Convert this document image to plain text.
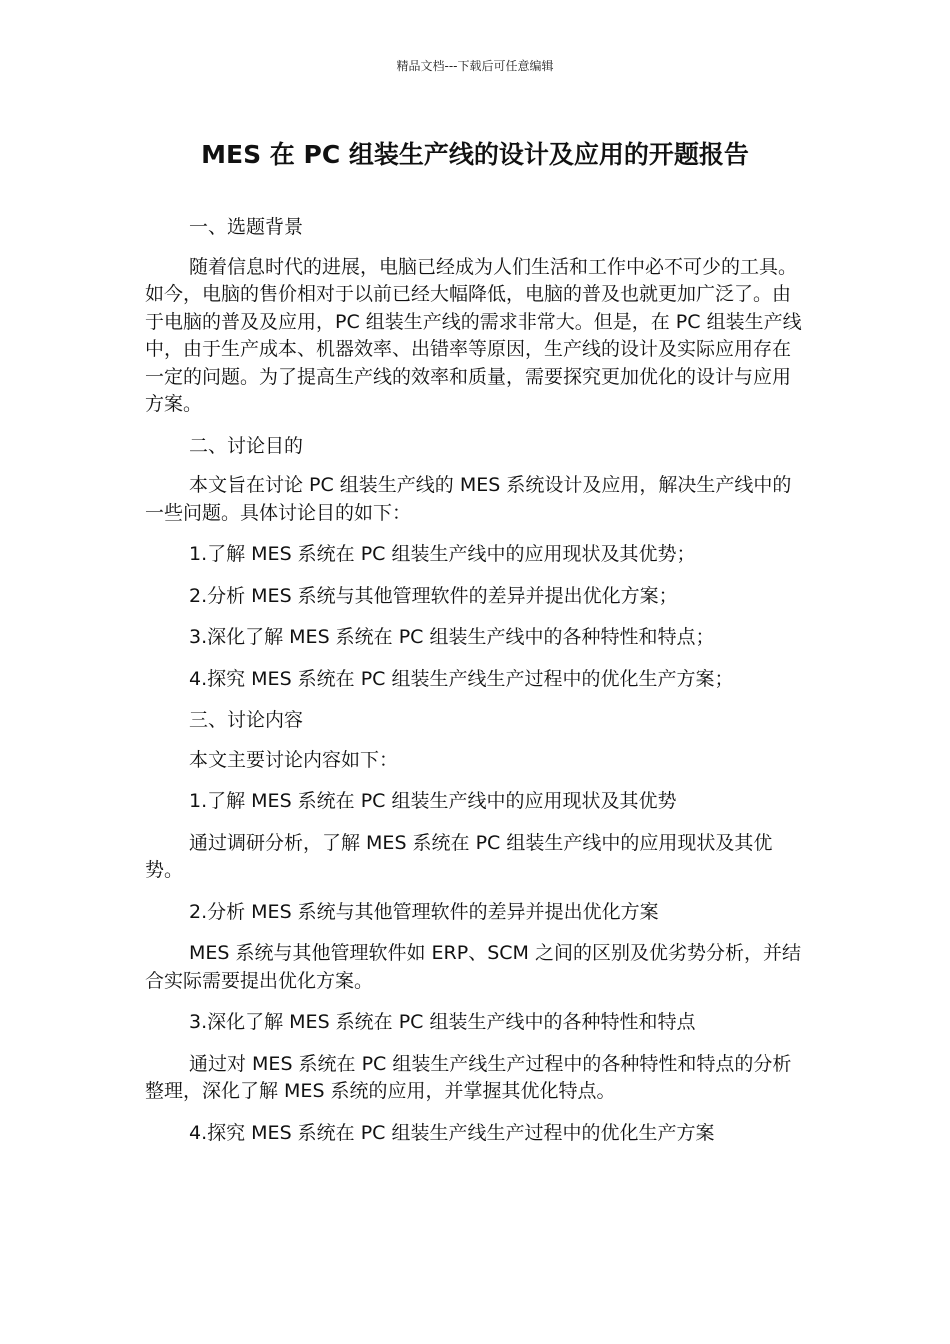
精品文档---下载后可任意编辑
MES 在 PC 组装生产线的设计及应用的开题报告

一、选题背景

随着信息时代的进展，电脑已经成为人们生活和工作中必不可少的工具。如今，电脑的售价相对于以前已经大幅降低，电脑的普及也就更加广泛了。由于电脑的普及及应用，PC 组装生产线的需求非常大。但是，在 PC 组装生产线中，由于生产成本、机器效率、出错率等原因，生产线的设计及实际应用存在一定的问题。为了提高生产线的效率和质量，需要探究更加优化的设计与应用方案。

二、讨论目的

本文旨在讨论 PC 组装生产线的 MES 系统设计及应用，解决生产线中的一些问题。具体讨论目的如下：

1.了解 MES 系统在 PC 组装生产线中的应用现状及其优势；

2.分析 MES 系统与其他管理软件的差异并提出优化方案；

3.深化了解 MES 系统在 PC 组装生产线中的各种特性和特点；

4.探究 MES 系统在 PC 组装生产线生产过程中的优化生产方案；

三、讨论内容

本文主要讨论内容如下：

1.了解 MES 系统在 PC 组装生产线中的应用现状及其优势

通过调研分析，了解 MES 系统在 PC 组装生产线中的应用现状及其优势。

2.分析 MES 系统与其他管理软件的差异并提出优化方案

MES 系统与其他管理软件如 ERP、SCM 之间的区别及优劣势分析，并结合实际需要提出优化方案。

3.深化了解 MES 系统在 PC 组装生产线中的各种特性和特点

通过对 MES 系统在 PC 组装生产线生产过程中的各种特性和特点的分析整理，深化了解 MES 系统的应用，并掌握其优化特点。

4.探究 MES 系统在 PC 组装生产线生产过程中的优化生产方案
